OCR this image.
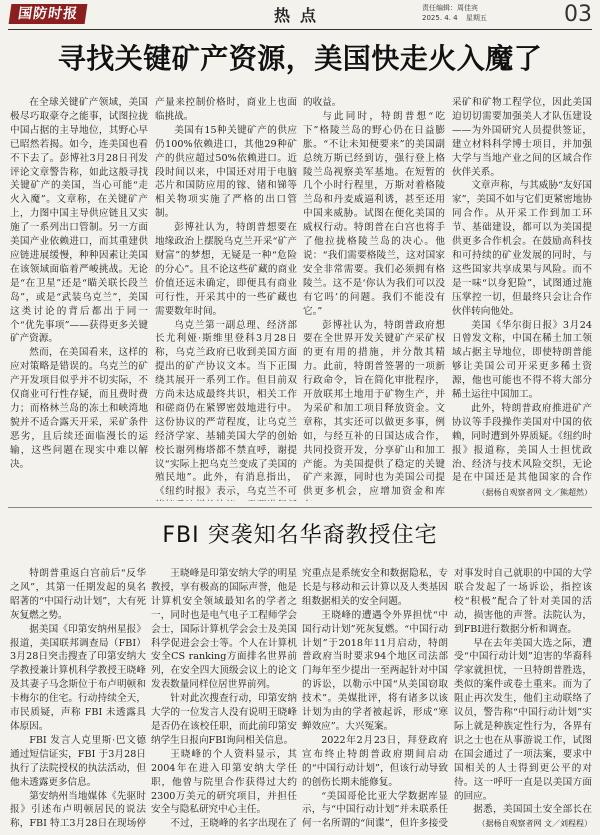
国防时报	热点	责任编辑：周佳宾
2025. 4. 4 星期五	03
寻找关键矿产资源，美国快走火入魔了

在全球关键矿产领域，美国极尽巧取豪夺之能事，试图拉拢中国占据的主导地位，其野心早已昭然若揭。如今，连美国也看不下去了。彭博社3月28日刊发评论文章警告称，如此这般寻找关键矿产的美国，当心可能“走火入魔”。文章称，在关键矿产上，力图中国主导供应链且又实施了一系列出口管制。另一方面美国产业依赖进口，而其重建供应链进展缓慢，种种因素让美国在该领域面临着严峻挑战。无论是“在卫星”还是“瞄关联长段兰岛”，或是“武装乌克兰”，美国这类讨论的背后都出于同一个“优先事项”——获得更多关键矿产资源。

然而，在美国看来，这样的应对策略是错误的。乌克兰的矿产开发项目似乎并不切实际，不仅商业可行性存疑，而且费时费力；而格林兰岛的冻土和峡湾地貌并不适合露天开采，采矿条件恶劣，且后续还面临漫长的运输，这些问题在现实中难以解决。

产量来控制价格时，商业上也面临挑战。

美国有15种关键矿产的供应仍100%依赖进口，其他29种矿产的供应超过50%依赖进口。近段时间以来，中国还对用于电脑芯片和国防应用的镓、锗和锑等相关物项实施了严格的出口管制。

彭博社认为，特朗普想要在地缘政治上摆脱乌克兰开采“矿产财富”的梦想，无疑是一种“危险的分心”。且不论这些矿藏的商业价值还远未确定，即便具有商业可行性，开采其中的一些矿藏也需要数年时间。

乌克兰第一副总理、经济部长尤利娅·斯维里登科3月28日称，乌克兰政府已收到美国方面提出的矿产协议文本。当下正围绕其展开一系列工作。但目前双方尚未达成最终共识，相关工作和磋商仍在紧锣密鼓地进行中。这份协议的严苛程度，让乌克兰经济学家、基辅美国大学的创始校长谢列梅塔都不禁直呼，谢提议“实际上把乌克兰变成了美国的殖民地”。此外，有消息指出，《纽约时报》表示，乌克兰不可

的收益。

与此同时，特朗普想“吃下”格陵兰岛的野心仍在日益膨胀。“不让未知便要来”的美国副总统万斯已经到访，强行登上格陵兰岛视察美军基地。在短暂的几个小时行程里，万斯对着格陵兰岛和丹麦威逼利诱，甚至还用中国来威胁。试图在便化美国的威权行动。特朗普在白宫也将手了他拉拢格陵兰岛的决心。他说：“我们需要格陵兰，这对国家安全非常需要。我们必须拥有格陵兰。这不是‘你认为我们可以没有它吗’的问题。我们不能没有它。”

彭博社认为，特朗普政府想要在全世界开发关键矿产采矿权的更有用的措施，并分散其精力。此前，特朗普签署的一项新行政命令，旨在简化审批程序，开放联邦土地用于矿物生产，并为采矿和加工项目释放资金。文章称，其实还可以做更多事，例如，与经互补的日国达成合作，共同投资开发，分享矿山和加工产能。为美国提供了稳定的关键矿产来源，同时也为美国公司提供更多机会，应增加资金和库

采矿和矿物工程学位，因此美国迫切切需要加强美人才队伍建设——为外国研究人员提供签证，建立材料科学博士项目，并加强大学与当地产业之间的区域合作伙伴关系。

文章声称，与其威胁“友好国家”，美国不如与它们更紧密地协同合作。从开采工作到加工环节、基础建设，都可以为美国提供更多合作机会。在鼓励高科技和可持续的矿业发展的同时，与这些国家共享成果与风险。而不是一味“以身犯险”，试图通过施压掌控一切，但最终只会让合作伙伴转向他处。

美国《华尔街日报》3月24日曾发文称，中国在稀土加工领域占据主导地位，即使特朗普能够让美国公司开采更多稀土资源，他也可能也不得不将大部分稀土运往中国加工。

此外，特朗普政府推进矿产协议等手段操作美国对中国的依赖，同时遭到外界质疑。《纽约时报》报道称，美国人士担忧政治、经济与技术风险交织，无论是在中国还是其他国家的合作

（据杨自观察者网 文／熊超然）
FBI 突袭知名华裔教授住宅

特朗普重返白宫前后“反华之风”，其第一任期发起的臭名昭著的“中国行动计划”，大有死灰复燃之势。

据美国《印第安纳州星报》报道，美国联邦调查局（FBI）3月28日突击搜查了印第安纳大学教授兼计算机科学教授王晓峰及其妻子马念斯位于布卢明顿和卡梅尔的住宅。行动持续全天，市民质疑，声称 FBI 未透露具体原因。

FBI 发言人克里斯·巴文德通过短信证实，FBI 于3月28日执行了法院授权的执法活动，但他未透露更多信息。

第安纳州当地媒体《先驱时报》引述布卢明顿居民的说法称，FBI 特工3月28日在现场停

王晓峰是印第安纳大学的明星教授，享有极高的国际声誉，他是计算机安全领域最知名的学者之一，同时也是电气电子工程师学会会士，国际计算机学会会士及美国科学促进会会士等。个人在计算机安全CS ranking方面排名世界前列，在安全四大顶级会议上的论文发表数量同样位居世界前列。

针对此次搜查行动，印第安纳大学的一位发言人没有说明王晓峰是否仍在该校任职，而此前印第安纳学生日报向FBI询问相关信息。

王晓峰的个人资料显示，其2004年在进入印第安纳大学任职，他曾与院里合作获得过大约2300万美元的研究项目，并担任安全与隐私研究中心主任。

不过，王晓峰的名字出现在了

究重点是系统安全和数据隐私，专长是与移动和云计算以及人类基因组数据相关的安全问题。

王晓峰的遭遇令外界担忧“中国行动计划”死灰复燃。“中国行动计划”于2018年11月启动，特朗普政府当时要求94个地区司法部门每年至少提出一至两起针对中国的诉讼，以勒示中国“从美国窃取技术”。美媒批评，将有诸多以该计划为由的学者被起诉，形成“寒蝉效应”。大兴冤案。

2022年2月23日，拜登政府宣布终止特朗普政府期间启动的“中国行动计划”，但该行动导致的创伤长期未能修复。

“美国哥伦比亚大学数据库显示，与“中国行动计划”并未联系任何一名所谓的“间谍”，但许多接受

对事发时自己就职的中国的大学联合发起了一场诉讼，指控该校“积极”配合了针对美国的活动，损害他的声誉。法院认为，到FBI进行数据分析和调查。

早在去年美国大选之际，遭受“中国行动计划”迫害的华裔科学家就担忧，一旦特朗普胜选，类似的案件或卷土重来。而为了阻止再次发生，他们主动联络了议员，警告称“中国行动计划”实际上就是种族定性行为，各界有识之士也在从事游说工作，试图在国会通过了一项法案，要求中国相关的人士得到更公平的对待。这一呼吁一直是以美国方面的回应。

据悉，美国国土安全部长在

（据杨自观察者网 文／刘程程）
